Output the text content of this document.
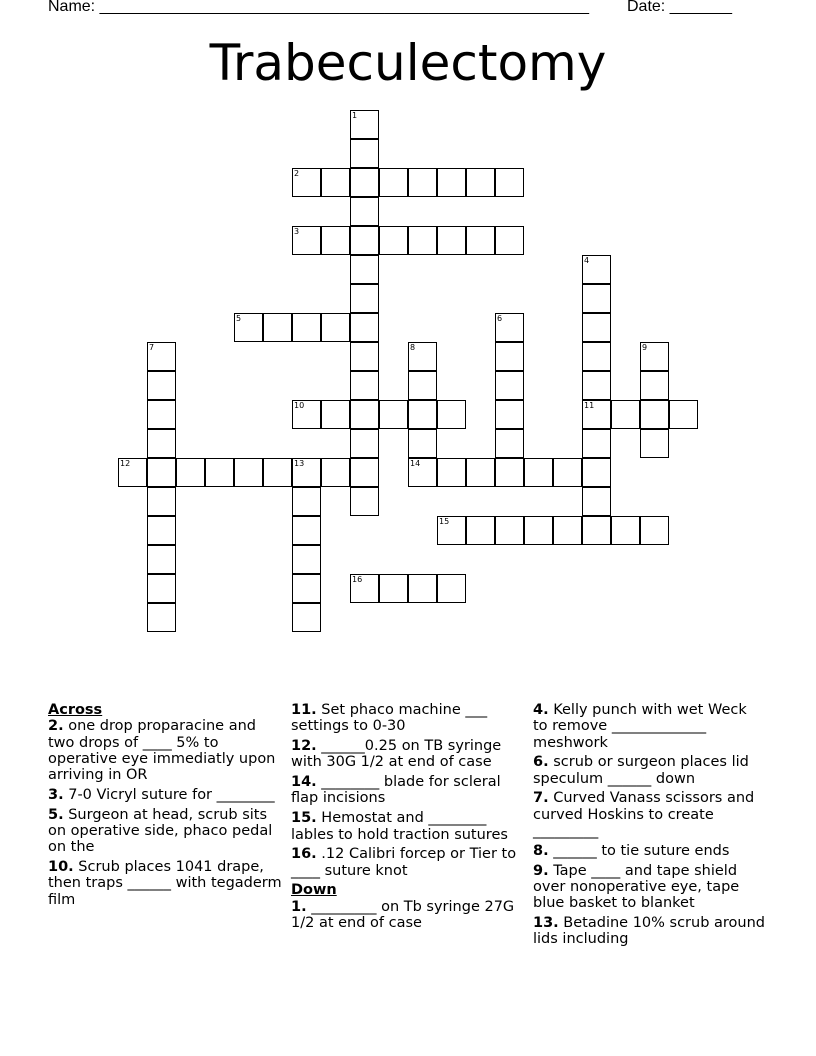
Name: _______________________________________________________ Date: _______
Trabeculectomy
1
2
3
4
11
5	6
7	8
14
9
10
12	13
15
16
Across
2. one drop proparacine and two drops of ____ 5% to operative eye immediatly upon arriving in OR
3. 7-0 Vicryl suture for ________
5. Surgeon at head, scrub sits on operative side, phaco pedal on the
10. Scrub places 1041 drape, then traps ______ with tegaderm film
11. Set phaco machine ___ settings to 0-30
12. ______0.25 on TB syringe with 30G 1/2 at end of case
14. ________ blade for scleral flap incisions
15. Hemostat and ________ lables to hold traction sutures
16. .12 Calibri forcep or Tier to ____ suture knot
Down
1. _________ on Tb syringe 27G 1/2 at end of case
4. Kelly punch with wet Weck to remove _____________ meshwork
6. scrub or surgeon places lid speculum ______ down
7. Curved Vanass scissors and curved Hoskins to create _________
8. ______ to tie suture ends
9. Tape ____ and tape shield over nonoperative eye, tape blue basket to blanket
13. Betadine 10% scrub around lids including
